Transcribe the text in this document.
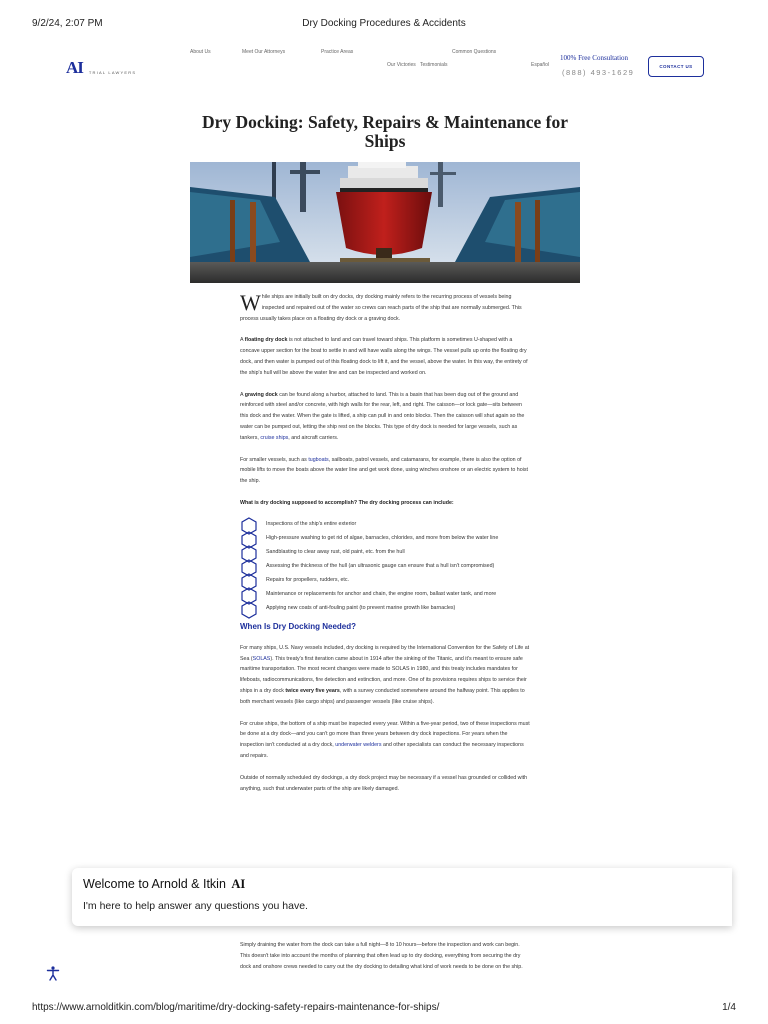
9/2/24, 2:07 PM	Dry Docking Procedures & Accidents
AI TRIAL LAWYERS
About Us	Meet Our Attorneys	Practice Areas	Common Questions
Our Victories Testimonials	Español
100% Free Consultation
(888) 493-1629
CONTACT US
Dry Docking: Safety, Repairs & Maintenance for Ships

While ships are initially built on dry docks, dry docking mainly refers to the recurring process of vessels being inspected and repaired out of the water so crews can reach parts of the ship that are normally submerged. This process usually takes place on a floating dry dock or a graving dock.

A floating dry dock is not attached to land and can travel toward ships. This platform is sometimes U-shaped with a concave upper section for the boat to settle in and will have walls along the wings. The vessel pulls up onto the floating dry dock, and then water is pumped out of this floating dock to lift it, and the vessel, above the water. In this way, the entirety of the ship's hull will be above the water line and can be inspected and worked on.

A graving dock can be found along a harbor, attached to land. This is a basin that has been dug out of the ground and reinforced with steel and/or concrete, with high walls for the rear, left, and right. The caisson—or lock gate—sits between this dock and the water. When the gate is lifted, a ship can pull in and onto blocks. Then the caisson will shut again so the water can be pumped out, letting the ship rest on the blocks. This type of dry dock is needed for large vessels, such as tankers, cruise ships, and aircraft carriers.

For smaller vessels, such as tugboats, sailboats, patrol vessels, and catamarans, for example, there is also the option of mobile lifts to move the boats above the water line and get work done, using winches onshore or an electric system to hoist the ship.

What is dry docking supposed to accomplish? The dry docking process can include:

Inspections of the ship's entire exterior
High-pressure washing to get rid of algae, barnacles, chlorides, and more from below the water line
Sandblasting to clear away rust, old paint, etc. from the hull
Assessing the thickness of the hull (an ultrasonic gauge can ensure that a hull isn't compromised)
Repairs for propellers, rudders, etc.
Maintenance or replacements for anchor and chain, the engine room, ballast water tank, and more
Applying new coats of anti-fouling paint (to prevent marine growth like barnacles)
When Is Dry Docking Needed?

For many ships, U.S. Navy vessels included, dry docking is required by the International Convention for the Safety of Life at Sea (SOLAS). This treaty's first iteration came about in 1914 after the sinking of the Titanic, and it's meant to ensure safe maritime transportation. The most recent changes were made to SOLAS in 1980, and this treaty includes mandates for lifeboats, radiocommunications, fire detection and extinction, and more. One of its provisions requires ships to service their ships in a dry dock twice every five years, with a survey conducted somewhere around the halfway point. This applies to both merchant vessels (like cargo ships) and passenger vessels (like cruise ships).

For cruise ships, the bottom of a ship must be inspected every year. Within a five-year period, two of these inspections must be done at a dry dock—and you can't go more than three years between dry dock inspections. For years when the inspection isn't conducted at a dry dock, underwater welders and other specialists can conduct the necessary inspections and repairs.

Outside of normally scheduled dry dockings, a dry dock project may be necessary if a vessel has grounded or collided with anything, such that underwater parts of the ship are likely damaged.

Welcome to Arnold & Itkin AI
I'm here to help answer any questions you have.

Simply draining the water from the dock can take a full night—8 to 10 hours—before the inspection and work can begin. This doesn't take into account the months of planning that often lead up to dry docking, everything from securing the dry dock and onshore crews needed to carry out the dry docking to detailing what kind of work needs to be done on the ship.

https://www.arnolditkin.com/blog/maritime/dry-docking-safety-repairs-maintenance-for-ships/	1/4
